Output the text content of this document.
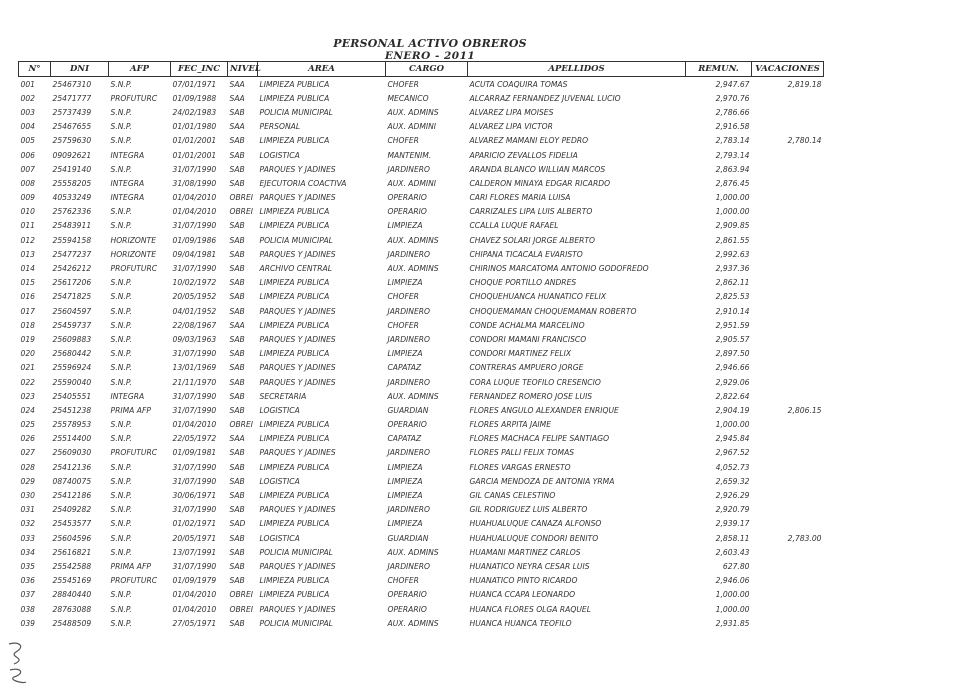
PERSONAL ACTIVO OBREROS
ENERO - 2011
N°	DNI	AFP	FEC_INC	NIVEL	AREA	CARGO	APELLIDOS	REMUN.	VACACIONES
001	25467310	S.N.P.	07/01/1971	SAA	LIMPIEZA PUBLICA	CHOFER	ACUTA COAQUIRA TOMAS	2,947.67	2,819.18
002	25471777	PROFUTURC	01/09/1988	SAA	LIMPIEZA PUBLICA	MECANICO	ALCARRAZ FERNANDEZ JUVENAL LUCIO	2,970.76	
003	25737439	S.N.P.	24/02/1983	SAB	POLICIA MUNICIPAL	AUX. ADMINS	ALVAREZ LIPA MOISES	2,786.66	
004	25467655	S.N.P.	01/01/1980	SAA	PERSONAL	AUX. ADMINI	ALVAREZ LIPA VICTOR	2,916.58	
005	25759630	S.N.P.	01/01/2001	SAB	LIMPIEZA PUBLICA	CHOFER	ALVAREZ MAMANI ELOY PEDRO	2,783.14	2,780.14
006	09092621	INTEGRA	01/01/2001	SAB	LOGISTICA	MANTENIM.	APARICIO ZEVALLOS FIDELIA	2,793.14	
007	25419140	S.N.P.	31/07/1990	SAB	PARQUES Y JADINES	JARDINERO	ARANDA BLANCO WILLIAN MARCOS	2,863.94	
008	25558205	INTEGRA	31/08/1990	SAB	EJECUTORIA COACTIVA	AUX. ADMINI	CALDERON MINAYA EDGAR RICARDO	2,876.45	
009	40533249	INTEGRA	01/04/2010	OBREI	PARQUES Y JADINES	OPERARIO	CARI FLORES MARIA LUISA	1,000.00	
010	25762336	S.N.P.	01/04/2010	OBREI	LIMPIEZA PUBLICA	OPERARIO	CARRIZALES LIPA LUIS ALBERTO	1,000.00	
011	25483911	S.N.P.	31/07/1990	SAB	LIMPIEZA PUBLICA	LIMPIEZA	CCALLA LUQUE RAFAEL	2,909.85	
012	25594158	HORIZONTE	01/09/1986	SAB	POLICIA MUNICIPAL	AUX. ADMINS	CHAVEZ SOLARI JORGE ALBERTO	2,861.55	
013	25477237	HORIZONTE	09/04/1981	SAB	PARQUES Y JADINES	JARDINERO	CHIPANA TICACALA EVARISTO	2,992.63	
014	25426212	PROFUTURC	31/07/1990	SAB	ARCHIVO CENTRAL	AUX. ADMINS	CHIRINOS MARCATOMA ANTONIO GODOFREDO	2,937.36	
015	25617206	S.N.P.	10/02/1972	SAB	LIMPIEZA PUBLICA	LIMPIEZA	CHOQUE PORTILLO ANDRES	2,862.11	
016	25471825	S.N.P.	20/05/1952	SAB	LIMPIEZA PUBLICA	CHOFER	CHOQUEHUANCA HUANATICO FELIX	2,825.53	
017	25604597	S.N.P.	04/01/1952	SAB	PARQUES Y JADINES	JARDINERO	CHOQUEMAMAN CHOQUEMAMAN ROBERTO	2,910.14	
018	25459737	S.N.P.	22/08/1967	SAA	LIMPIEZA PUBLICA	CHOFER	CONDE ACHALMA MARCELINO	2,951.59	
019	25609883	S.N.P.	09/03/1963	SAB	PARQUES Y JADINES	JARDINERO	CONDORI MAMANI FRANCISCO	2,905.57	
020	25680442	S.N.P.	31/07/1990	SAB	LIMPIEZA PUBLICA	LIMPIEZA	CONDORI MARTINEZ FELIX	2,897.50	
021	25596924	S.N.P.	13/01/1969	SAB	PARQUES Y JADINES	CAPATAZ	CONTRERAS AMPUERO JORGE	2,946.66	
022	25590040	S.N.P.	21/11/1970	SAB	PARQUES Y JADINES	JARDINERO	CORA LUQUE TEOFILO CRESENCIO	2,929.06	
023	25405551	INTEGRA	31/07/1990	SAB	SECRETARIA	AUX. ADMINS	FERNANDEZ ROMERO JOSE LUIS	2,822.64	
024	25451238	PRIMA AFP	31/07/1990	SAB	LOGISTICA	GUARDIAN	FLORES ANGULO ALEXANDER ENRIQUE	2,904.19	2,806.15
025	25578953	S.N.P.	01/04/2010	OBREI	LIMPIEZA PUBLICA	OPERARIO	FLORES ARPITA JAIME	1,000.00	
026	25514400	S.N.P.	22/05/1972	SAA	LIMPIEZA PUBLICA	CAPATAZ	FLORES MACHACA FELIPE SANTIAGO	2,945.84	
027	25609030	PROFUTURC	01/09/1981	SAB	PARQUES Y JADINES	JARDINERO	FLORES PALLI FELIX TOMAS	2,967.52	
028	25412136	S.N.P.	31/07/1990	SAB	LIMPIEZA PUBLICA	LIMPIEZA	FLORES VARGAS ERNESTO	4,052.73	
029	08740075	S.N.P.	31/07/1990	SAB	LOGISTICA	LIMPIEZA	GARCIA MENDOZA DE ANTONIA YRMA	2,659.32	
030	25412186	S.N.P.	30/06/1971	SAB	LIMPIEZA PUBLICA	LIMPIEZA	GIL CANAS CELESTINO	2,926.29	
031	25409282	S.N.P.	31/07/1990	SAB	PARQUES Y JADINES	JARDINERO	GIL RODRIGUEZ LUIS ALBERTO	2,920.79	
032	25453577	S.N.P.	01/02/1971	SAD	LIMPIEZA PUBLICA	LIMPIEZA	HUAHUALUQUE CANAZA ALFONSO	2,939.17	
033	25604596	S.N.P.	20/05/1971	SAB	LOGISTICA	GUARDIAN	HUAHUALUQUE CONDORI BENITO	2,858.11	2,783.00
034	25616821	S.N.P.	13/07/1991	SAB	POLICIA MUNICIPAL	AUX. ADMINS	HUAMANI MARTINEZ CARLOS	2,603.43	
035	25542588	PRIMA AFP	31/07/1990	SAB	PARQUES Y JADINES	JARDINERO	HUANATICO NEYRA CESAR LUIS	627.80	
036	25545169	PROFUTURC	01/09/1979	SAB	LIMPIEZA PUBLICA	CHOFER	HUANATICO PINTO RICARDO	2,946.06	
037	28840440	S.N.P.	01/04/2010	OBREI	LIMPIEZA PUBLICA	OPERARIO	HUANCA CCAPA LEONARDO	1,000.00	
038	28763088	S.N.P.	01/04/2010	OBREI	PARQUES Y JADINES	OPERARIO	HUANCA FLORES OLGA RAQUEL	1,000.00	
039	25488509	S.N.P.	27/05/1971	SAB	POLICIA MUNICIPAL	AUX. ADMINS	HUANCA HUANCA TEOFILO	2,931.85	
